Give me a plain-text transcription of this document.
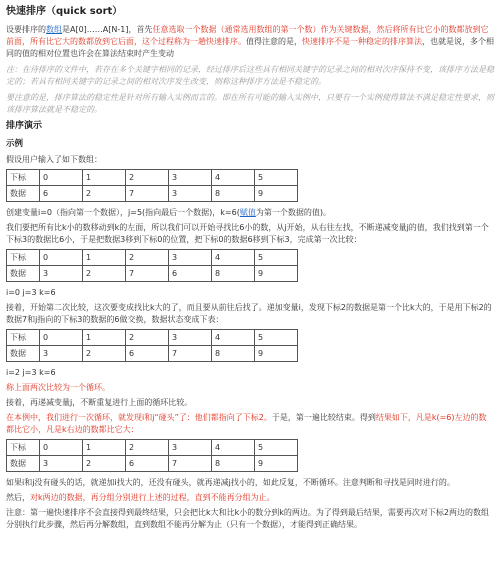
快速排序（quick sort）

设要排序的数组是A[0]……A[N-1]，首先任意选取一个数据（通常选用数组的第一个数）作为关键数据，然后将所有比它小的数都放到它前面，所有比它大的数都放到它后面，这个过程称为一趟快速排序。值得注意的是，快速排序不是一种稳定的排序算法，也就是说，多个相同的值的相对位置也许会在算法结束时产生变动

注：在待排序的文件中，若存在多个关键字相同的记录，经过排序后这些具有相同关键字的记录之间的相对次序保持不变，该排序方法是稳定的；若具有相同关键字的记录之间的相对次序发生改变，则称这种排序方法是不稳定的。

要注意的是，排序算法的稳定性是针对所有输入实例而言的。即在所有可能的输入实例中，只要有一个实例使得算法不满足稳定性要求，则该排序算法就是不稳定的。

排序演示
示例

假设用户输入了如下数组：

下标	0	1	2	3	4	5
数据	6	2	7	3	8	9

创建变量i=0（指向第一个数据），j=5(指向最后一个数据)，k=6(赋值为第一个数据的值)。

我们要把所有比k小的数移动到k的左面，所以我们可以开始寻找比6小的数，从j开始，从右往左找，不断递减变量j的值，我们找到第一个下标3的数据比6小，于是把数据3移到下标0的位置，把下标0的数据6移到下标3，完成第一次比较：

下标	0	1	2	3	4	5
数据	3	2	7	6	8	9

i=0 j=3 k=6

接着，开始第二次比较，这次要变成找比k大的了，而且要从前往后找了。递加变量i，发现下标2的数据是第一个比k大的，于是用下标2的数据7和j指向的下标3的数据的6做交换，数据状态变成下表：

下标	0	1	2	3	4	5
数据	3	2	6	7	8	9

i=2 j=3 k=6

称上面两次比较为一个循环。

接着，再递减变量j，不断重复进行上面的循环比较。

在本例中，我们进行一次循环，就发现i和j“碰头”了：他们都指向了下标2。于是，第一遍比较结束。得到结果如下，凡是k(=6)左边的数都比它小，凡是k右边的数都比它大：

下标	0	1	2	3	4	5
数据	3	2	6	7	8	9

如果i和j没有碰头的话，就递加i找大的，还没有碰头，就再递减j找小的，如此反复，不断循环。注意判断和寻找是同时进行的。

然后，对k两边的数据，再分组分别进行上述的过程，直到不能再分组为止。

注意：第一遍快速排序不会直接得到最终结果，只会把比k大和比k小的数分到k的两边。为了得到最后结果，需要再次对下标2两边的数组分别执行此步骤，然后再分解数组，直到数组不能再分解为止（只有一个数据），才能得到正确结果。
